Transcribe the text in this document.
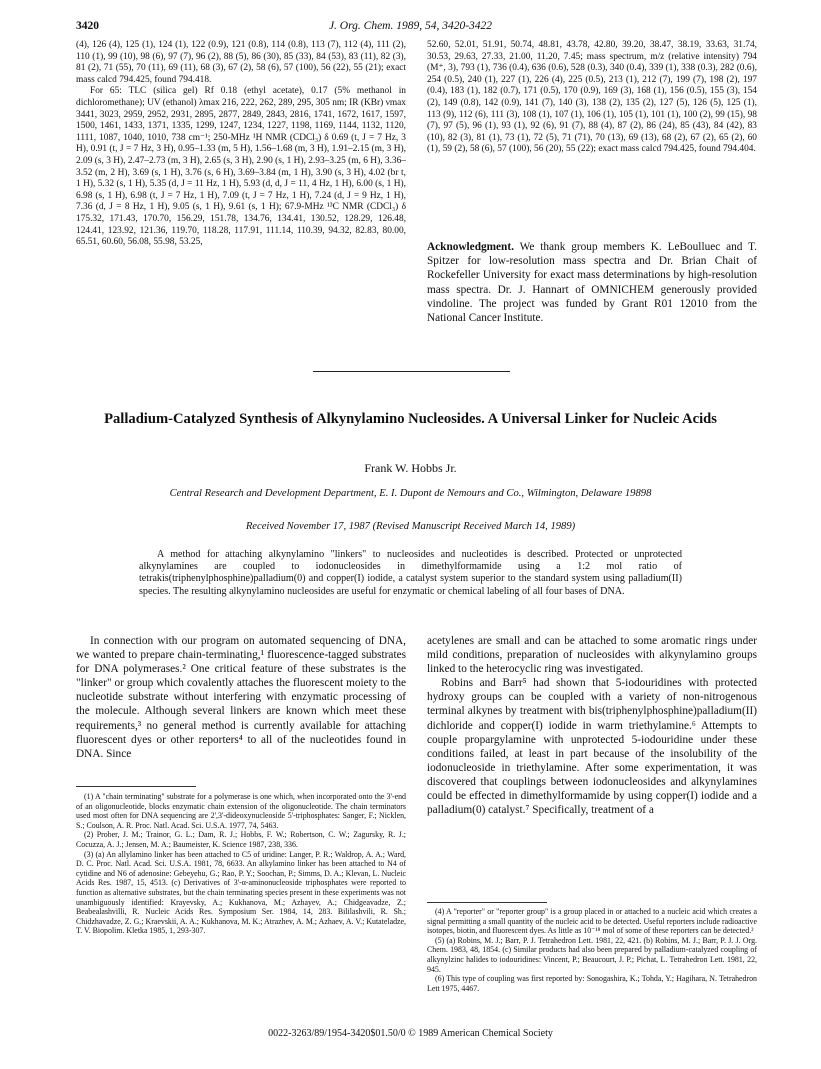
3420	J. Org. Chem. 1989, 54, 3420-3422

(4), 126 (4), 125 (1), 124 (1), 122 (0.9), 121 (0.8), 114 (0.8), 113 (7), 112 (4), 111 (2), 110 (1), 99 (10), 98 (6), 97 (7), 96 (2), 88 (5), 86 (30), 85 (33), 84 (53), 83 (11), 82 (3), 81 (2), 71 (55), 70 (11), 69 (11), 68 (3), 67 (2), 58 (6), 57 (100), 56 (22), 55 (21); exact mass calcd 794.425, found 794.418.

For 65: TLC (silica gel) Rf 0.18 (ethyl acetate), 0.17 (5% methanol in dichloromethane); UV (ethanol) λmax 216, 222, 262, 289, 295, 305 nm; IR (KBr) νmax 3441, 3023, 2959, 2952, 2931, 2895, 2877, 2849, 2843, 2816, 1741, 1672, 1617, 1597, 1500, 1461, 1433, 1371, 1335, 1299, 1247, 1234, 1227, 1198, 1169, 1144, 1132, 1120, 1111, 1087, 1040, 1010, 738 cm⁻¹; 250-MHz ¹H NMR (CDCl₃) δ 0.69 (t, J = 7 Hz, 3 H), 0.91 (t, J = 7 Hz, 3 H), 0.95–1.33 (m, 5 H), 1.56–1.68 (m, 3 H), 1.91–2.15 (m, 3 H), 2.09 (s, 3 H), 2.47–2.73 (m, 3 H), 2.65 (s, 3 H), 2.90 (s, 1 H), 2.93–3.25 (m, 6 H), 3.36–3.52 (m, 2 H), 3.69 (s, 1 H), 3.76 (s, 6 H), 3.69–3.84 (m, 1 H), 3.90 (s, 3 H), 4.02 (br t, 1 H), 5.32 (s, 1 H), 5.35 (d, J = 11 Hz, 1 H), 5.93 (d, d, J = 11, 4 Hz, 1 H), 6.00 (s, 1 H), 6.98 (s, 1 H), 6.98 (t, J = 7 Hz, 1 H), 7.09 (t, J = 7 Hz, 1 H), 7.24 (d, J = 9 Hz, 1 H), 7.36 (d, J = 8 Hz, 1 H), 9.05 (s, 1 H), 9.61 (s, 1 H); 67.9-MHz ¹³C NMR (CDCl₃) δ 175.32, 171.43, 170.70, 156.29, 151.78, 134.76, 134.41, 130.52, 128.29, 126.48, 124.41, 123.92, 121.36, 119.70, 118.28, 117.91, 111.14, 110.39, 94.32, 82.83, 80.00, 65.51, 60.60, 56.08, 55.98, 53.25,

52.60, 52.01, 51.91, 50.74, 48.81, 43.78, 42.80, 39.20, 38.47, 38.19, 33.63, 31.74, 30.53, 29.63, 27.33, 21.00, 11.20, 7.45; mass spectrum, m/z (relative intensity) 794 (M⁺, 3), 793 (1), 736 (0.4), 636 (0.6), 528 (0.3), 340 (0.4), 339 (1), 338 (0.3), 282 (0.6), 254 (0.5), 240 (1), 227 (1), 226 (4), 225 (0.5), 213 (1), 212 (7), 199 (7), 198 (2), 197 (0.4), 183 (1), 182 (0.7), 171 (0.5), 170 (0.9), 169 (3), 168 (1), 156 (0.5), 155 (3), 154 (2), 149 (0.8), 142 (0.9), 141 (7), 140 (3), 138 (2), 135 (2), 127 (5), 126 (5), 125 (1), 113 (9), 112 (6), 111 (3), 108 (1), 107 (1), 106 (1), 105 (1), 101 (1), 100 (2), 99 (15), 98 (7), 97 (5), 96 (1), 93 (1), 92 (6), 91 (7), 88 (4), 87 (2), 86 (24), 85 (43), 84 (42), 83 (10), 82 (3), 81 (1), 73 (1), 72 (5), 71 (71), 70 (13), 69 (13), 68 (2), 67 (2), 65 (2), 60 (1), 59 (2), 58 (6), 57 (100), 56 (20), 55 (22); exact mass calcd 794.425, found 794.404.

Acknowledgment. We thank group members K. LeBoulluec and T. Spitzer for low-resolution mass spectra and Dr. Brian Chait of Rockefeller University for exact mass determinations by high-resolution mass spectra. Dr. J. Hannart of OMNICHEM generously provided vindoline. The project was funded by Grant R01 12010 from the National Cancer Institute.
Palladium-Catalyzed Synthesis of Alkynylamino Nucleosides. A Universal Linker for Nucleic Acids
Frank W. Hobbs Jr.
Central Research and Development Department, E. I. Dupont de Nemours and Co., Wilmington, Delaware 19898
Received November 17, 1987 (Revised Manuscript Received March 14, 1989)
A method for attaching alkynylamino "linkers" to nucleosides and nucleotides is described. Protected or unprotected alkynylamines are coupled to iodonucleosides in dimethylformamide using a 1:2 mol ratio of tetrakis(triphenylphosphine)palladium(0) and copper(I) iodide, a catalyst system superior to the standard system using palladium(II) species. The resulting alkynylamino nucleosides are useful for enzymatic or chemical labeling of all four bases of DNA.

In connection with our program on automated sequencing of DNA, we wanted to prepare chain-terminating,¹ fluorescence-tagged substrates for DNA polymerases.² One critical feature of these substrates is the "linker" or group which covalently attaches the fluorescent moiety to the nucleotide substrate without interfering with enzymatic processing of the molecule. Although several linkers are known which meet these requirements,³ no general method is currently available for attaching fluorescent dyes or other reporters⁴ to all of the nucleotides found in DNA. Since

acetylenes are small and can be attached to some aromatic rings under mild conditions, preparation of nucleosides with alkynylamino groups linked to the heterocyclic ring was investigated.

Robins and Barr⁵ had shown that 5-iodouridines with protected hydroxy groups can be coupled with a variety of non-nitrogenous terminal alkynes by treatment with bis(triphenylphosphine)palladium(II) dichloride and copper(I) iodide in warm triethylamine.⁶ Attempts to couple propargylamine with unprotected 5-iodouridine under these conditions failed, at least in part because of the insolubility of the iodonucleoside in triethylamine. After some experimentation, it was discovered that couplings between iodonucleosides and alkynylamines could be effected in dimethylformamide by using copper(I) iodide and a palladium(0) catalyst.⁷ Specifically, treatment of a

(1) A "chain terminating" substrate for a polymerase is one which, when incorporated onto the 3'-end of an oligonucleotide, blocks enzymatic chain extension of the oligonucleotide. The chain terminators used most often for DNA sequencing are 2',3'-dideoxynucleoside 5'-triphosphates: Sanger, F.; Nicklen, S.; Coulson, A. R. Proc. Natl. Acad. Sci. U.S.A. 1977, 74, 5463.

(2) Prober, J. M.; Trainor, G. L.; Dam, R. J.; Hobbs, F. W.; Robertson, C. W.; Zagursky, R. J.; Cocuzza, A. J.; Jensen, M. A.; Baumeister, K. Science 1987, 238, 336.

(3) (a) An allylamino linker has been attached to C5 of uridine: Langer, P. R.; Waldrop, A. A.; Ward, D. C. Proc. Natl. Acad. Sci. U.S.A. 1981, 78, 6633. An alkylamino linker has been attached to N4 of cytidine and N6 of adenosine: Gebeyehu, G.; Rao, P. Y.; Soochan, P.; Simms, D. A.; Klevan, L. Nucleic Acids Res. 1987, 15, 4513. (c) Derivatives of 3'-α-aminonucleoside triphosphates were reported to function as alternative substrates, but the chain terminating species present in these experiments was not unambiguously identified: Krayevsky, A.; Kukhanova, M.; Azhayev, A.; Chidgeavadze, Z.; Beabealashvilli, R. Nucleic Acids Res. Symposium Ser. 1984, 14, 283. Bililashvili, R. Sh.; Chidzhavadze, Z. G.; Kraevskii, A. A.; Kukhanova, M. K.; Atrazhev, A. M.; Azhaev, A. V.; Kutateladze, T. V. Biopolim. Kletka 1985, 1, 293-307.

(4) A "reporter" or "reporter group" is a group placed in or attached to a nucleic acid which creates a signal permitting a small quantity of the nucleic acid to be detected. Useful reporters include radioactive isotopes, biotin, and fluorescent dyes. As little as 10⁻¹⁸ mol of some of these reporters can be detected.²

(5) (a) Robins, M. J.; Barr, P. J. Tetrahedron Lett. 1981, 22, 421. (b) Robins, M. J.; Barr, P. J. J. Org. Chem. 1983, 48, 1854. (c) Similar products had also been prepared by palladium-catalyzed coupling of alkynylzinc halides to iodouridines: Vincent, P.; Beaucourt, J. P.; Pichat, L. Tetrahedron Lett. 1981, 22, 945.

(6) This type of coupling was first reported by: Sonogashira, K.; Tohda, Y.; Hagihara, N. Tetrahedron Lett 1975, 4467.

0022-3263/89/1954-3420$01.50/0 © 1989 American Chemical Society
